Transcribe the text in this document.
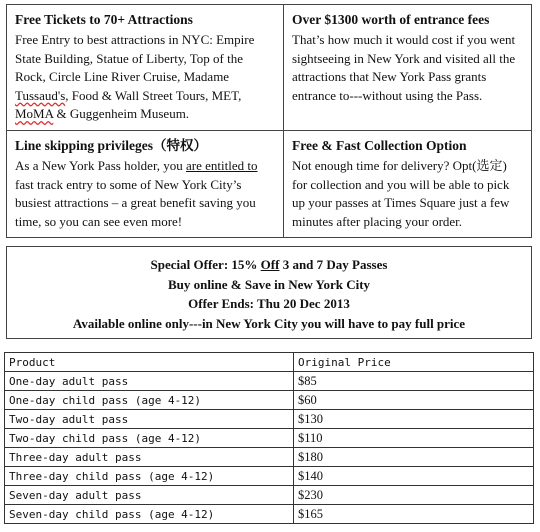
Free Tickets to 70+ Attractions

Free Entry to best attractions in NYC: Empire State Building, Statue of Liberty, Top of the Rock, Circle Line River Cruise, Madame Tussaud's, Food & Wall Street Tours, MET, MoMA & Guggenheim Museum.

Over $1300 worth of entrance fees

That’s how much it would cost if you went sightseeing in New York and visited all the attractions that New York Pass grants entrance to---without using the Pass.

Line skipping privileges（特权）

As a New York Pass holder, you are entitled to fast track entry to some of New York City’s busiest attractions – a great benefit saving you time, so you can see even more!

Free & Fast Collection Option

Not enough time for delivery? Opt(选定) for collection and you will be able to pick up your passes at Times Square just a few minutes after placing your order.

Special Offer: 15% Off 3 and 7 Day Passes
Buy online & Save in New York City
Offer Ends: Thu 20 Dec 2013
Available online only---in New York City you will have to pay full price
Product	Original Price
One-day adult pass	$85
One-day child pass (age 4-12)	$60
Two-day adult pass	$130
Two-day child pass (age 4-12)	$110
Three-day adult pass	$180
Three-day child pass (age 4-12)	$140
Seven-day adult pass	$230
Seven-day child pass (age 4-12)	$165
